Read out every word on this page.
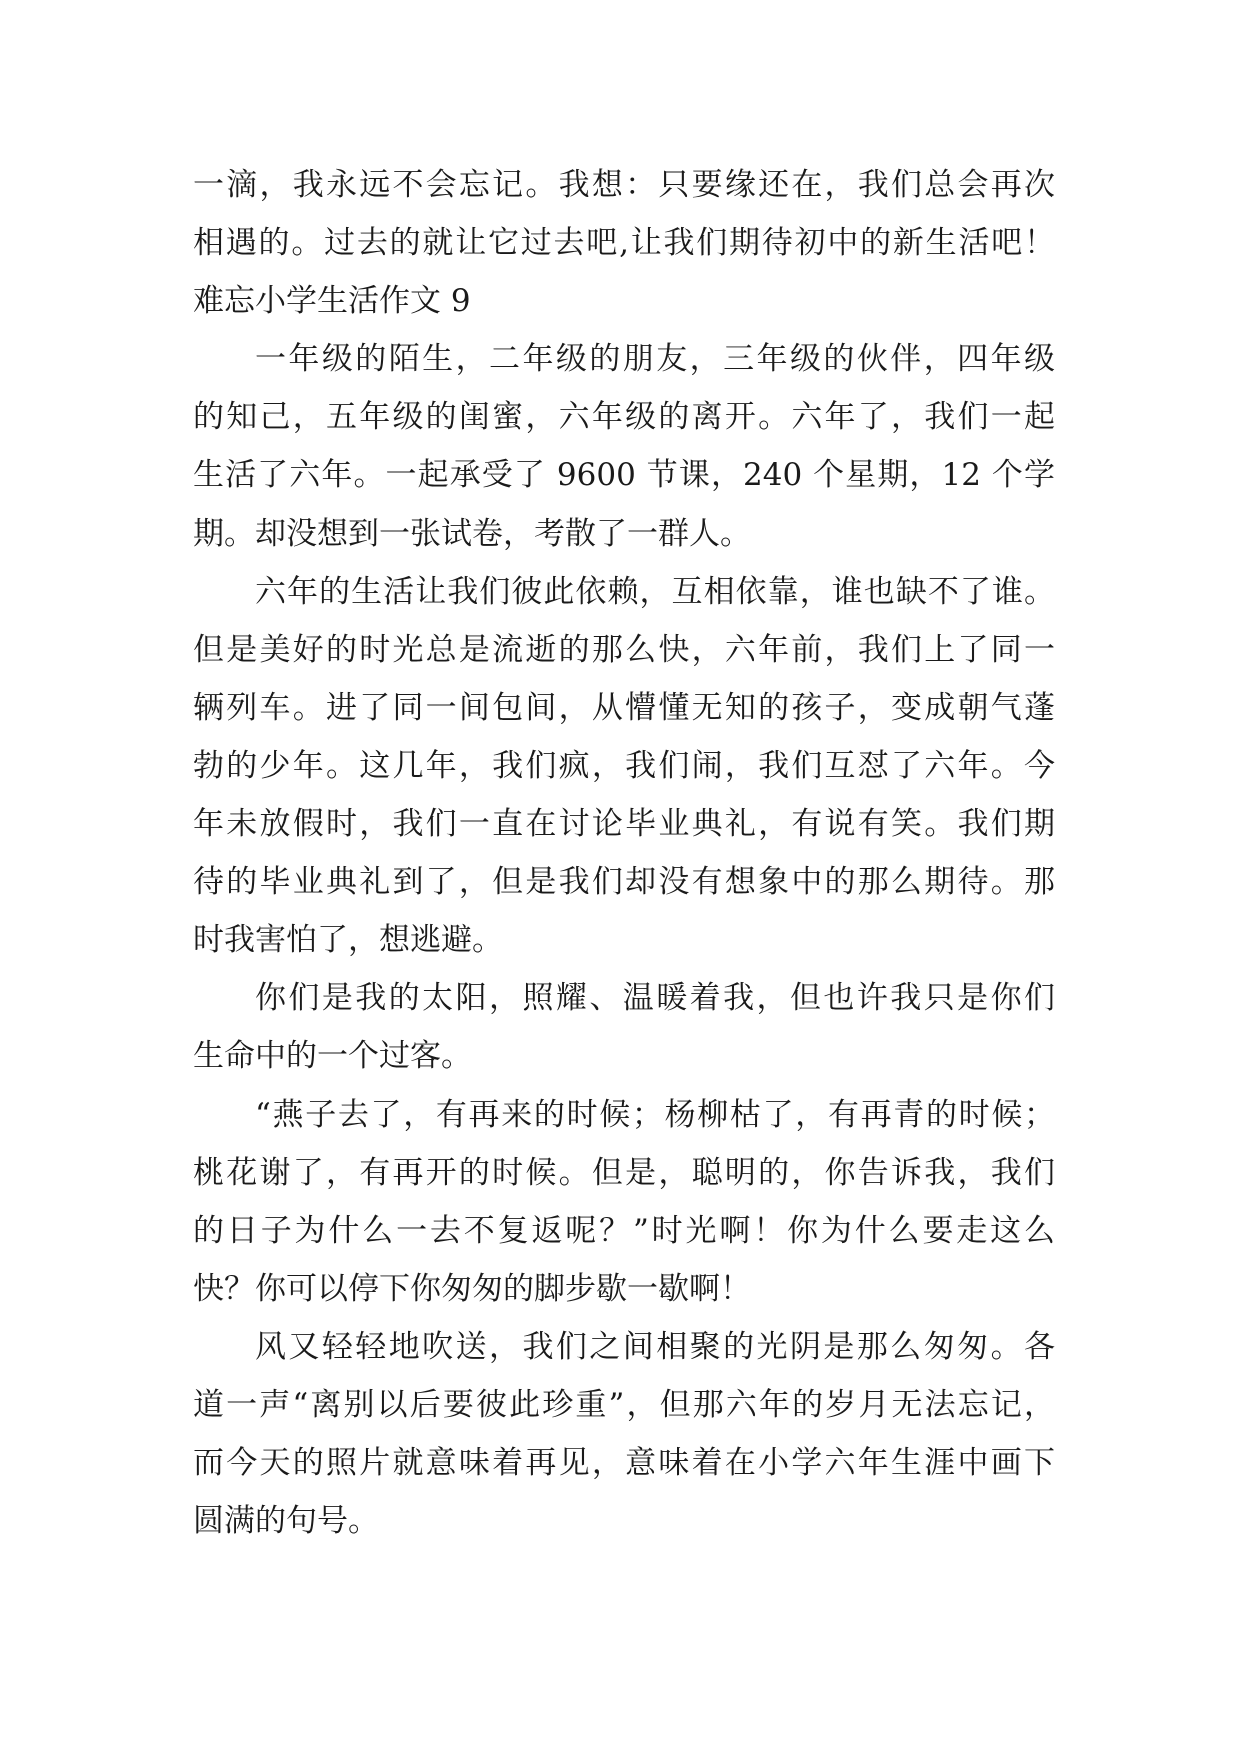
一滴，我永远不会忘记。我想：只要缘还在，我们总会再次
相遇的。过去的就让它过去吧,让我们期待初中的新生活吧！
难忘小学生活作文 9
一年级的陌生，二年级的朋友，三年级的伙伴，四年级
的知己，五年级的闺蜜，六年级的离开。六年了，我们一起
生活了六年。一起承受了 9600 节课，240 个星期，12 个学
期。却没想到一张试卷，考散了一群人。
六年的生活让我们彼此依赖，互相依靠，谁也缺不了谁。
但是美好的时光总是流逝的那么快，六年前，我们上了同一
辆列车。进了同一间包间，从懵懂无知的孩子，变成朝气蓬
勃的少年。这几年，我们疯，我们闹，我们互怼了六年。今
年未放假时，我们一直在讨论毕业典礼，有说有笑。我们期
待的毕业典礼到了，但是我们却没有想象中的那么期待。那
时我害怕了，想逃避。
你们是我的太阳，照耀、温暖着我，但也许我只是你们
生命中的一个过客。
“燕子去了，有再来的时候；杨柳枯了，有再青的时候；
桃花谢了，有再开的时候。但是，聪明的，你告诉我，我们
的日子为什么一去不复返呢？”时光啊！你为什么要走这么
快？你可以停下你匆匆的脚步歇一歇啊！
风又轻轻地吹送，我们之间相聚的光阴是那么匆匆。各
道一声“离别以后要彼此珍重”，但那六年的岁月无法忘记，
而今天的照片就意味着再见，意味着在小学六年生涯中画下
圆满的句号。
